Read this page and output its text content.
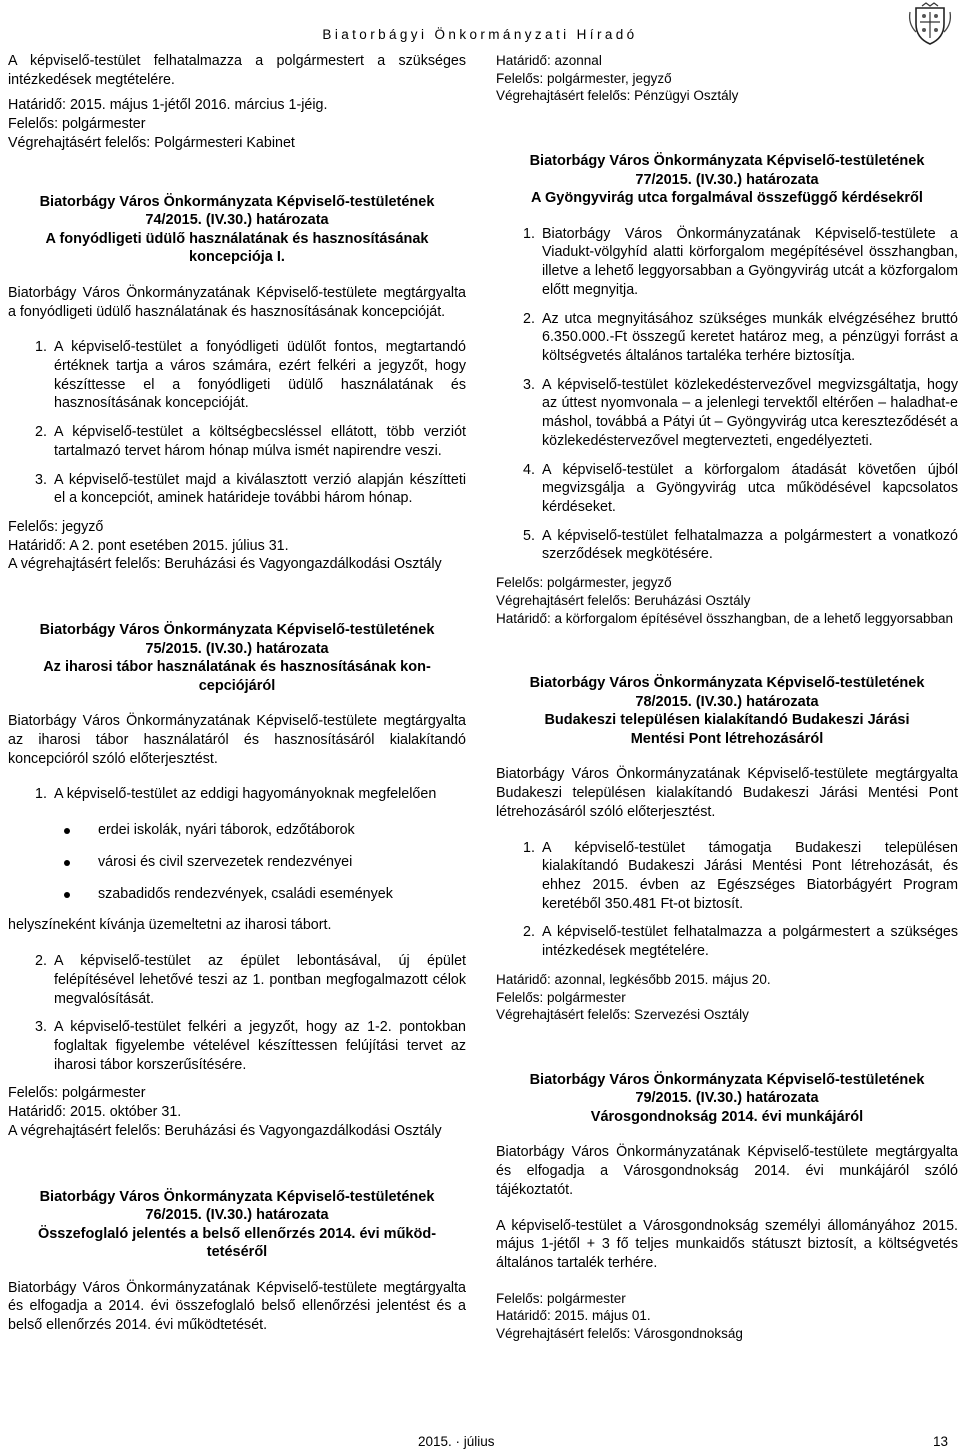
Biatorbágyi Önkormányzati Híradó

A képviselő-testület felhatalmazza a polgármestert a szükséges intézkedések megtételére.

Határidő: 2015. május 1-jétől 2016. március 1-jéig.

Felelős: polgármester

Végrehajtásért felelős: Polgármesteri Kabinet

Biatorbágy Város Önkormányzata Képviselő-testületének
74/2015. (IV.30.) határozata
A fonyódligeti üdülő használatának és hasznosításának
koncepciója I.

Biatorbágy Város Önkormányzatának Képviselő-testülete megtárgyalta a fonyódligeti üdülő használatának és hasznosításának koncepcióját.

1. A képviselő-testület a fonyódligeti üdülőt fontos, megtartandó értéknek tartja a város számára, ezért felkéri a jegyzőt, hogy készíttesse el a fonyódligeti üdülő használatának és hasznosításának koncepcióját.
2. A képviselő-testület a költségbecsléssel ellátott, több verziót tartalmazó tervet három hónap múlva ismét napirendre veszi.
3. A képviselő-testület majd a kiválasztott verzió alapján készítteti el a koncepciót, aminek határideje további három hónap.

Felelős: jegyző

Határidő: A 2. pont esetében 2015. július 31.

A végrehajtásért felelős: Beruházási és Vagyongazdálkodási Osztály

Biatorbágy Város Önkormányzata Képviselő-testületének
75/2015. (IV.30.) határozata
Az iharosi tábor használatának és hasznosításának kon-
cepciójáról

Biatorbágy Város Önkormányzatának Képviselő-testülete megtárgyalta az iharosi tábor használatáról és hasznosításáról kialakítandó koncepcióról szóló előterjesztést.

1. A képviselő-testület az eddigi hagyományoknak megfelelően
erdei iskolák, nyári táborok, edzőtáborok
városi és civil szervezetek rendezvényei
szabadidős rendezvények, családi események

helyszíneként kívánja üzemeltetni az iharosi tábort.

2. A képviselő-testület az épület lebontásával, új épület felépítésével lehetővé teszi az 1. pontban megfogalmazott célok megvalósítását.
3. A képviselő-testület felkéri a jegyzőt, hogy az 1-2. pontokban foglaltak figyelembe vételével készíttessen felújítási tervet az iharosi tábor korszerűsítésére.

Felelős: polgármester

Határidő: 2015. október 31.

A végrehajtásért felelős: Beruházási és Vagyongazdálkodási Osztály

Biatorbágy Város Önkormányzata Képviselő-testületének
76/2015. (IV.30.) határozata
Összefoglaló jelentés a belső ellenőrzés 2014. évi működ-
tetéséről

Biatorbágy Város Önkormányzatának Képviselő-testülete megtárgyalta és elfogadja a 2014. évi összefoglaló belső ellenőrzési jelentést és a belső ellenőrzés 2014. évi működtetését.

Határidő: azonnal

Felelős: polgármester, jegyző

Végrehajtásért felelős: Pénzügyi Osztály

Biatorbágy Város Önkormányzata Képviselő-testületének
77/2015. (IV.30.) határozata
A Gyöngyvirág utca forgalmával összefüggő kérdésekről
1. Biatorbágy Város Önkormányzatának Képviselő-testülete a Viadukt-völgyhíd alatti körforgalom megépítésével összhangban, illetve a lehető leggyorsabban a Gyöngyvirág utcát a közforgalom előtt megnyitja.
2. Az utca megnyitásához szükséges munkák elvégzéséhez bruttó 6.350.000.-Ft összegű keretet határoz meg, a pénzügyi forrást a költségvetés általános tartaléka terhére biztosítja.
3. A képviselő-testület közlekedéstervezővel megvizsgáltatja, hogy az úttest nyomvonala – a jelenlegi tervektől eltérően – haladhat-e máshol, továbbá a Pátyi út – Gyöngyvirág utca kereszteződését a közlekedéstervezővel megtervezteti, engedélyezteti.
4. A képviselő-testület a körforgalom átadását követően újból megvizsgálja a Gyöngyvirág utca működésével kapcsolatos kérdéseket.
5. A képviselő-testület felhatalmazza a polgármestert a vonatkozó szerződések megkötésére.

Felelős: polgármester, jegyző

Végrehajtásért felelős: Beruházási Osztály

Határidő: a körforgalom építésével összhangban, de a lehető leggyorsabban

Biatorbágy Város Önkormányzata Képviselő-testületének
78/2015. (IV.30.) határozata
Budakeszi településen kialakítandó Budakeszi Járási
Mentési Pont létrehozásáról

Biatorbágy Város Önkormányzatának Képviselő-testülete megtárgyalta Budakeszi településen kialakítandó Budakeszi Járási Mentési Pont létrehozásáról szóló előterjesztést.

1. A képviselő-testület támogatja Budakeszi településen kialakítandó Budakeszi Járási Mentési Pont létrehozását, és ehhez 2015. évben az Egészséges Biatorbágyért Program keretéből 350.481 Ft-ot biztosít.
2. A képviselő-testület felhatalmazza a polgármestert a szükséges intézkedések megtételére.

Határidő: azonnal, legkésőbb 2015. május 20.

Felelős: polgármester

Végrehajtásért felelős: Szervezési Osztály

Biatorbágy Város Önkormányzata Képviselő-testületének
79/2015. (IV.30.) határozata
Városgondnokság 2014. évi munkájáról

Biatorbágy Város Önkormányzatának Képviselő-testülete megtárgyalta és elfogadja a Városgondnokság 2014. évi munkájáról szóló tájékoztatót.

A képviselő-testület a Városgondnokság személyi állományához 2015. május 1-jétől + 3 fő teljes munkaidős státuszt biztosít, a költségvetés általános tartalék terhére.

Felelős: polgármester

Határidő: 2015. május 01.

Végrehajtásért felelős: Városgondnokság

2015. · július	13
